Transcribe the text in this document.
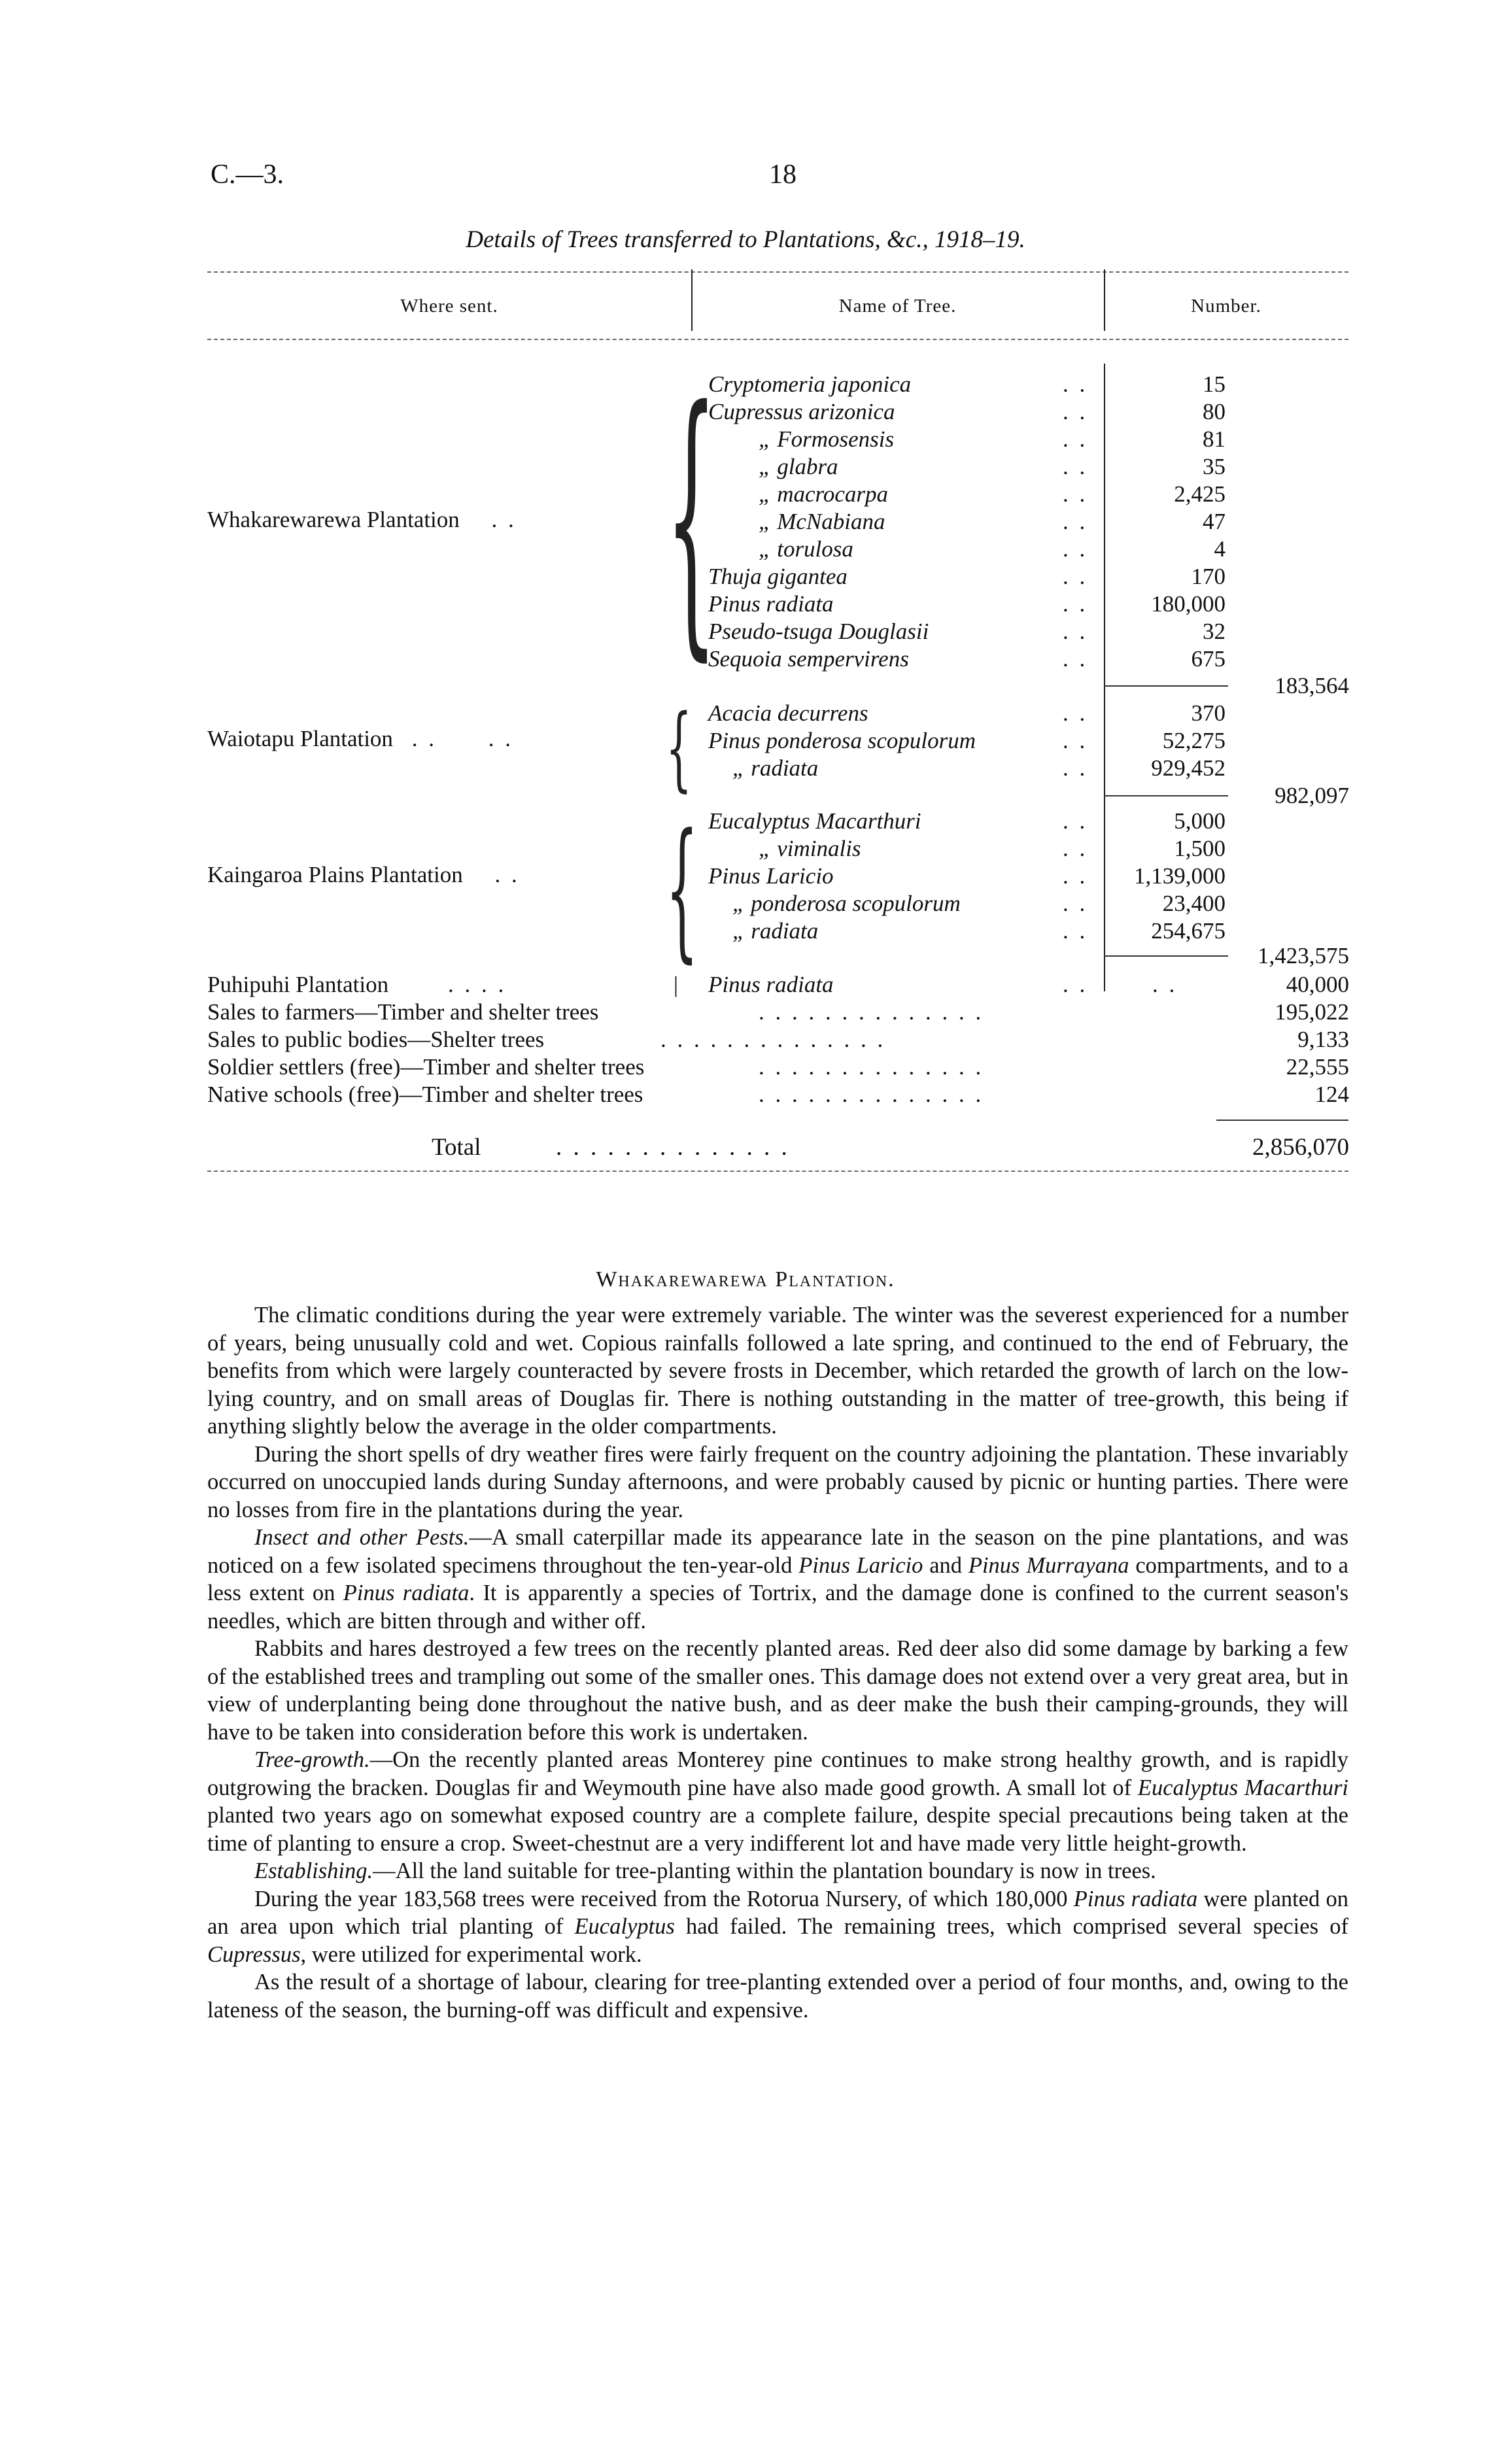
C.—3.	18
Details of Trees transferred to Plantations, &c., 1918–19.
Where sent.	Name of Tree.	Number.
Whakarewarewa Plantation . . {
Cryptomeria japonica	. .	15
Cupressus arizonica	. .	80
„ Formosensis	. .	81
„ glabra	. .	35
„ macrocarpa	. .	2,425
„ McNabiana	. .	47
„ torulosa	. .	4
Thuja gigantea	. .	170
Pinus radiata	. .	180,000
Pseudo-tsuga Douglasii	. .	32
Sequoia sempervirens	. .	675
183,564
Waiotapu Plantation . . . . { Acacia decurrens	. .	370
Pinus ponderosa scopulorum	. .	52,275
„ radiata	. .	929,452
982,097
Kaingaroa Plains Plantation . . { Eucalyptus Macarthuri	. .	5,000
„ viminalis	. .	1,500
Pinus Laricio	. . 1,139,000
„ ponderosa scopulorum	. .	23,400
„ radiata	. .	254,675
1,423,575
Puhipuhi Plantation	. . . .	| Pinus radiata	. .	. .	40,000
Sales to farmers—Timber and shelter trees	. . . . . . . . . . . . . .	195,022
Sales to public bodies—Shelter trees	. . . . . . . . . . . . . .	9,133
Soldier settlers (free)—Timber and shelter trees	. . . . . . . . . . . . . .	22,555
Native schools (free)—Timber and shelter trees	. . . . . . . . . . . . . .	124
Total	. . . . . . . . . . . . . .	2,856,070
Whakarewarewa Plantation.

The climatic conditions during the year were extremely variable. The winter was the severest experienced for a number of years, being unusually cold and wet. Copious rainfalls followed a late spring, and continued to the end of February, the benefits from which were largely counteracted by severe frosts in December, which retarded the growth of larch on the low-lying country, and on small areas of Douglas fir. There is nothing outstanding in the matter of tree-growth, this being if anything slightly below the average in the older compartments.

During the short spells of dry weather fires were fairly frequent on the country adjoining the plantation. These invariably occurred on unoccupied lands during Sunday afternoons, and were probably caused by picnic or hunting parties. There were no losses from fire in the plantations during the year.

Insect and other Pests.—A small caterpillar made its appearance late in the season on the pine plantations, and was noticed on a few isolated specimens throughout the ten-year-old Pinus Laricio and Pinus Murrayana compartments, and to a less extent on Pinus radiata. It is apparently a species of Tortrix, and the damage done is confined to the current season's needles, which are bitten through and wither off.

Rabbits and hares destroyed a few trees on the recently planted areas. Red deer also did some damage by barking a few of the established trees and trampling out some of the smaller ones. This damage does not extend over a very great area, but in view of underplanting being done throughout the native bush, and as deer make the bush their camping-grounds, they will have to be taken into consideration before this work is undertaken.

Tree-growth.—On the recently planted areas Monterey pine continues to make strong healthy growth, and is rapidly outgrowing the bracken. Douglas fir and Weymouth pine have also made good growth. A small lot of Eucalyptus Macarthuri planted two years ago on somewhat exposed country are a complete failure, despite special precautions being taken at the time of planting to ensure a crop. Sweet-chestnut are a very indifferent lot and have made very little height-growth.

Establishing.—All the land suitable for tree-planting within the plantation boundary is now in trees.

During the year 183,568 trees were received from the Rotorua Nursery, of which 180,000 Pinus radiata were planted on an area upon which trial planting of Eucalyptus had failed. The remaining trees, which comprised several species of Cupressus, were utilized for experimental work.

As the result of a shortage of labour, clearing for tree-planting extended over a period of four months, and, owing to the lateness of the season, the burning-off was difficult and expensive.
